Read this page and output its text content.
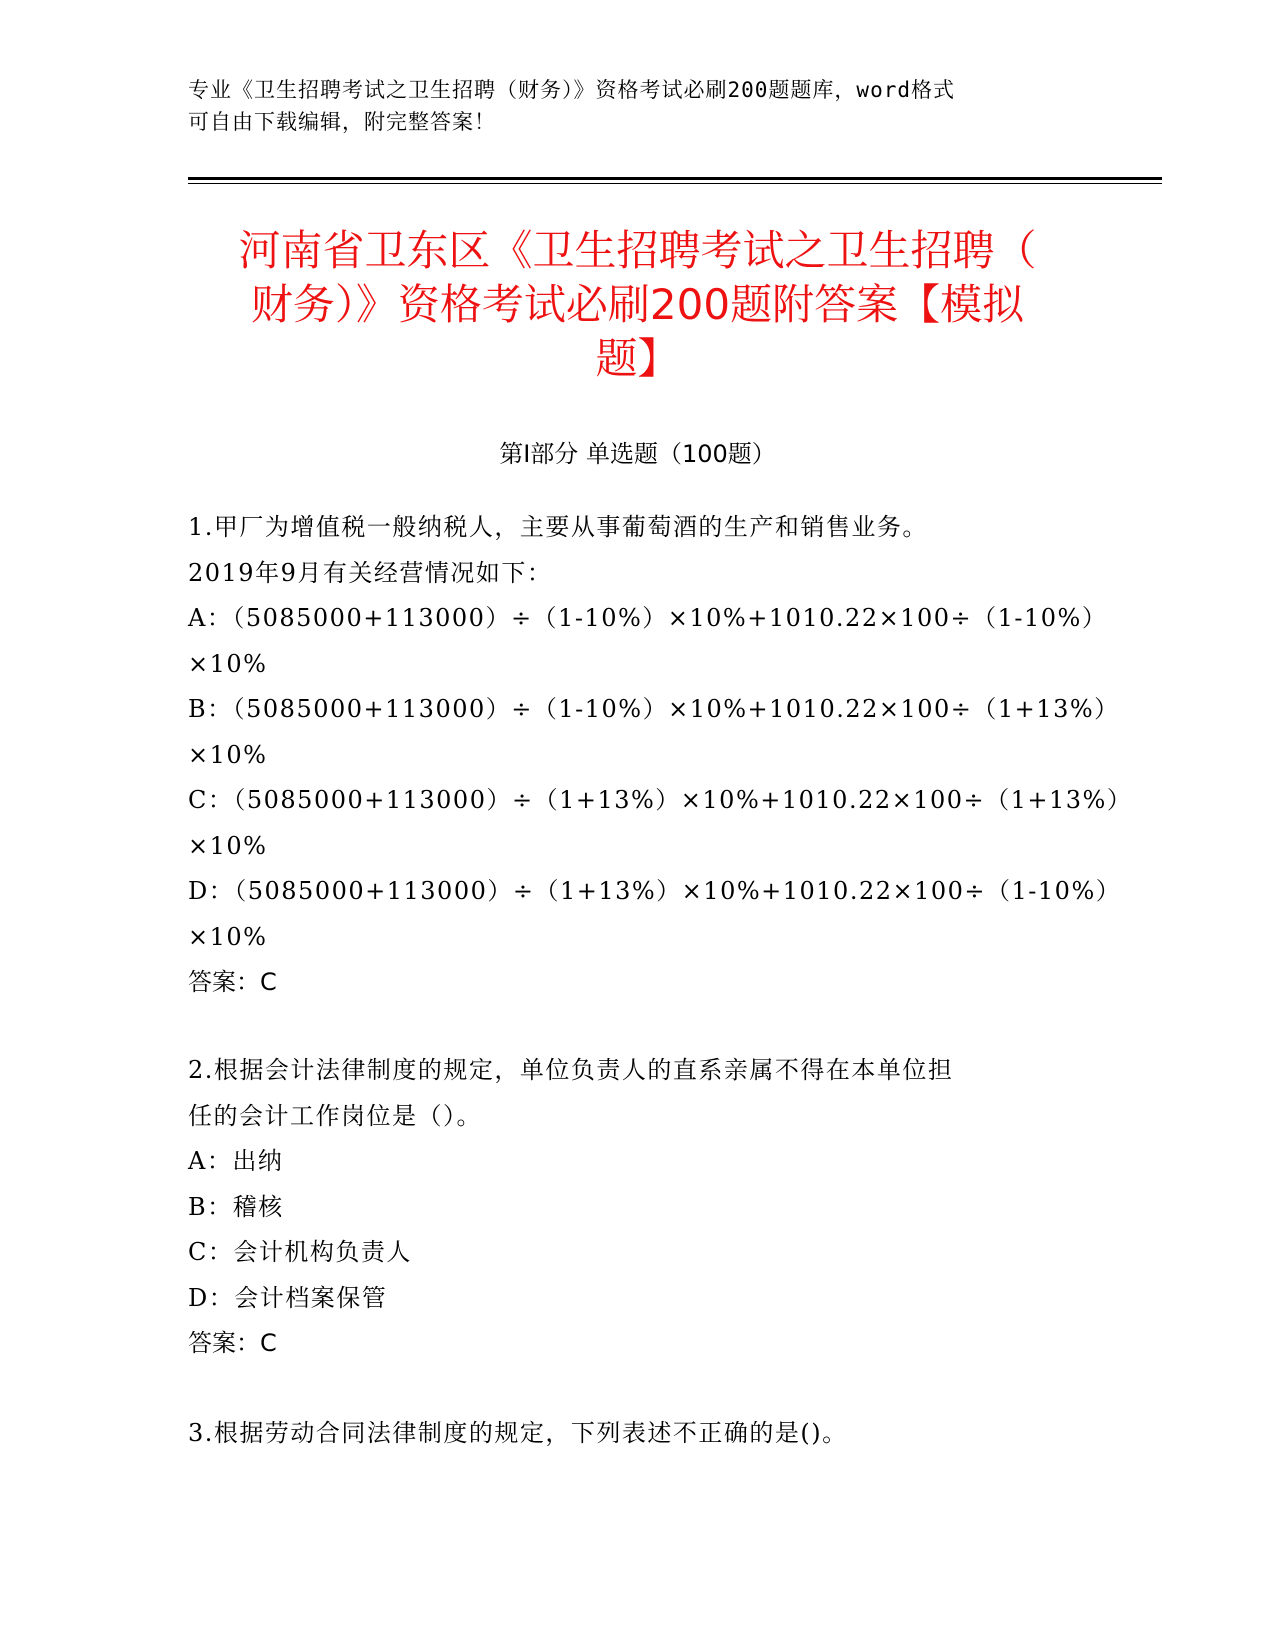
专业《卫生招聘考试之卫生招聘（财务）》资格考试必刷200题题库，word格式
可自由下载编辑，附完整答案！
河南省卫东区《卫生招聘考试之卫生招聘（
财务）》资格考试必刷200题附答案【模拟
题】
第I部分 单选题（100题）
1.甲厂为增值税一般纳税人，主要从事葡萄酒的生产和销售业务。
2019年9月有关经营情况如下：
A：（5085000+113000）÷（1-10%）×10%+1010.22×100÷（1-10%）
×10%
B：（5085000+113000）÷（1-10%）×10%+1010.22×100÷（1+13%）
×10%
C：（5085000+113000）÷（1+13%）×10%+1010.22×100÷（1+13%）
×10%
D：（5085000+113000）÷（1+13%）×10%+1010.22×100÷（1-10%）
×10%
答案：C
2.根据会计法律制度的规定，单位负责人的直系亲属不得在本单位担
任的会计工作岗位是（）。
A：出纳
B：稽核
C：会计机构负责人
D：会计档案保管
答案：C
3.根据劳动合同法律制度的规定，下列表述不正确的是()。
